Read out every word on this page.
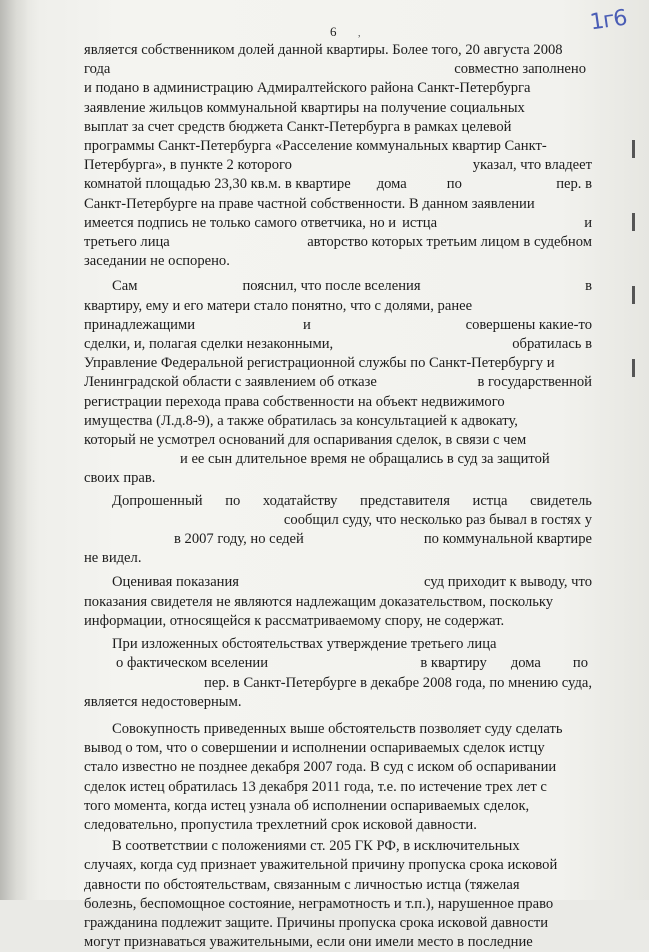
6 ,	1г6

является собственником долей данной квартиры. Более того, 20 августа 2008
года	совместно заполнено
и подано в администрацию Адмиралтейского района Санкт-Петербурга
заявление жильцов коммунальной квартиры на получение социальных
выплат за счет средств бюджета Санкт-Петербурга в рамках целевой
программы Санкт-Петербурга «Расселение коммунальных квартир Санкт-
Петербурга», в пункте 2 которого	указал, что владеет
комнатой площадью 23,30 кв.м. в квартире дома	по	пер. в
Санкт-Петербурге на праве частной собственности. В данном заявлении
имеется подпись не только самого ответчика, но и истца	и
третьего лица	авторство которых третьим лицом в судебном
заседании не оспорено.

Сам	пояснил, что после вселения	в
квартиру, ему и его матери стало понятно, что с долями, ранее
принадлежащими	и	совершены какие-то
сделки, и, полагая сделки незаконными,	обратилась в
Управление Федеральной регистрационной службы по Санкт-Петербургу и
Ленинградской области с заявлением об отказе	в государственной
регистрации перехода права собственности на объект недвижимого
имущества (Л.д.8-9), а также обратилась за консультацией к адвокату,
который не усмотрел оснований для оспаривания сделок, в связи с чем
и ее сын длительное время не обращались в суд за защитой
своих прав.

Допрошенный по ходатайству представителя истца свидетель
сообщил суду, что несколько раз бывал в гостях у
в 2007 году, но седей	по коммунальной квартире
не видел.

Оценивая показания	суд приходит к выводу, что
показания свидетеля не являются надлежащим доказательством, поскольку
информации, относящейся к рассматриваемому спору, не содержат.

При изложенных обстоятельствах утверждение третьего лица
о фактическом вселении	в квартиру дома по
пер. в Санкт-Петербурге в декабре 2008 года, по мнению суда,
является недостоверным.

Совокупность приведенных выше обстоятельств позволяет суду сделать
вывод о том, что о совершении и исполнении оспариваемых сделок истцу
стало известно не позднее декабря 2007 года. В суд с иском об оспаривании
сделок истец обратилась 13 декабря 2011 года, т.е. по истечение трех лет с
того момента, когда истец узнала об исполнении оспариваемых сделок,
следовательно, пропустила трехлетний срок исковой давности.

В соответствии с положениями ст. 205 ГК РФ, в исключительных
случаях, когда суд признает уважительной причину пропуска срока исковой
давности по обстоятельствам, связанным с личностью истца (тяжелая
болезнь, беспомощное состояние, неграмотность и т.п.), нарушенное право
гражданина подлежит защите. Причины пропуска срока исковой давности
могут признаваться уважительными, если они имели место в последние
